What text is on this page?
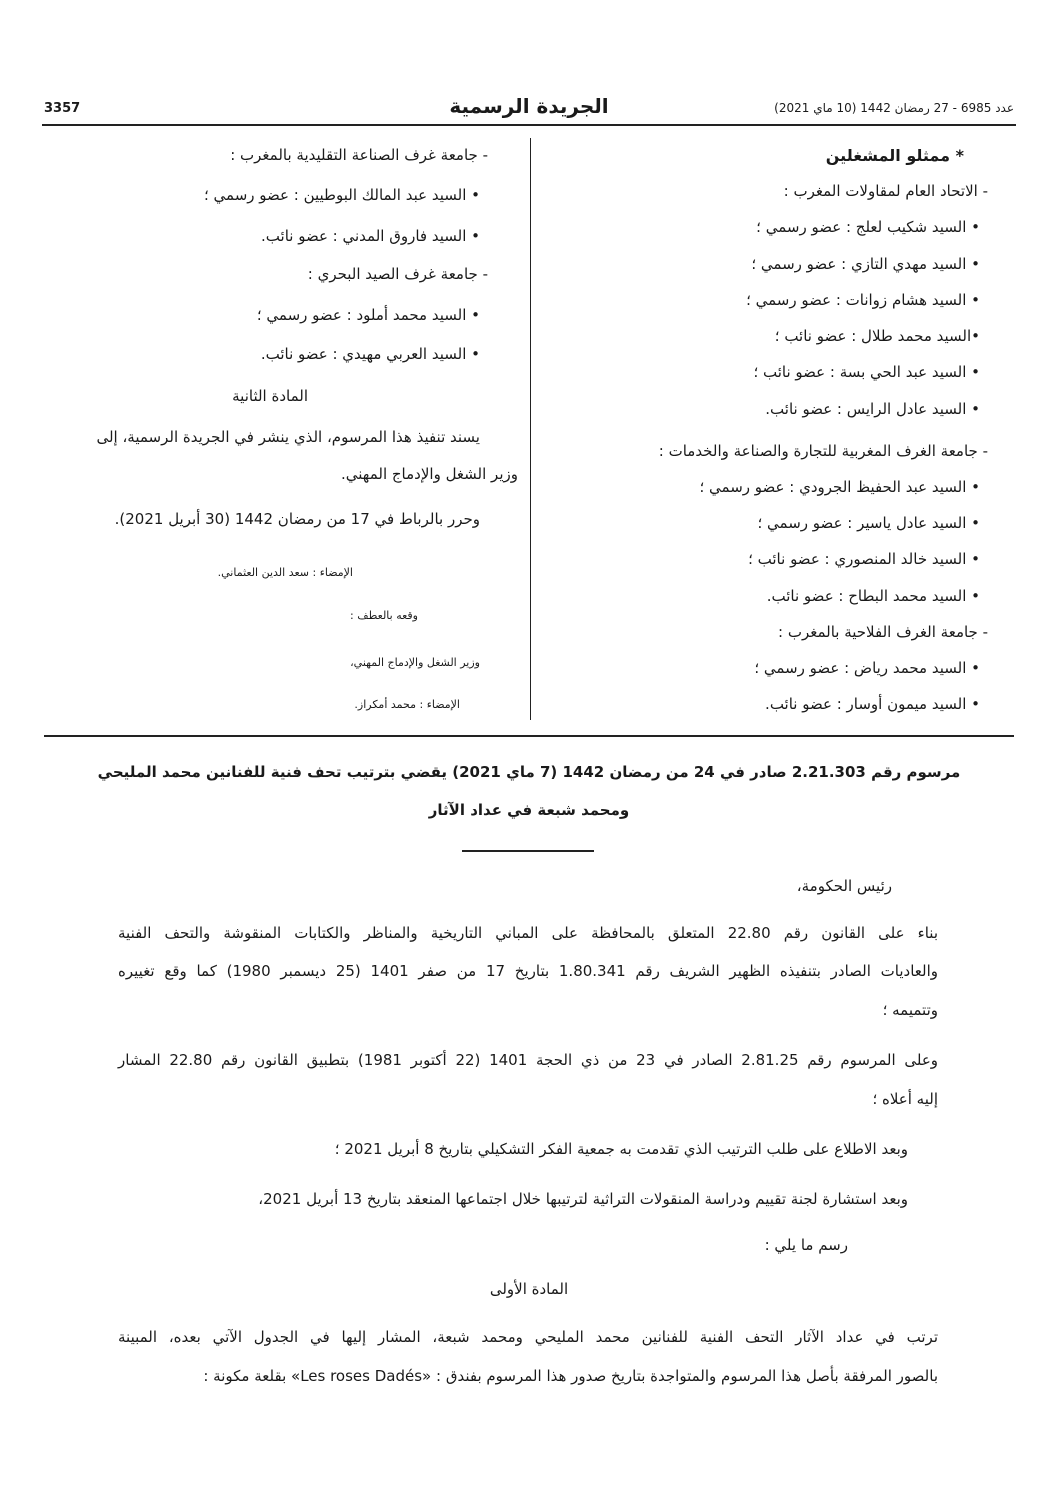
3357	الجريدة الرسمية	عدد 6985 - 27 رمضان 1442 (10 ماي 2021)
* ممثلو المشغلين
- الاتحاد العام لمقاولات المغرب :
• السيد شكيب لعلج : عضو رسمي ؛
• السيد مهدي التازي : عضو رسمي ؛
• السيد هشام زوانات : عضو رسمي ؛
•السيد محمد طلال : عضو نائب ؛
• السيد عبد الحي بسة : عضو نائب ؛
• السيد عادل الرايس : عضو نائب.
- جامعة الغرف المغربية للتجارة والصناعة والخدمات :
• السيد عبد الحفيظ الجرودي : عضو رسمي ؛
• السيد عادل ياسير : عضو رسمي ؛
• السيد خالد المنصوري : عضو نائب ؛
• السيد محمد البطاح : عضو نائب.
- جامعة الغرف الفلاحية بالمغرب :
• السيد محمد رياض : عضو رسمي ؛
• السيد ميمون أوسار : عضو نائب.
- جامعة غرف الصناعة التقليدية بالمغرب :
• السيد عبد المالك البوطيين : عضو رسمي ؛
• السيد فاروق المدني : عضو نائب.
- جامعة غرف الصيد البحري :
• السيد محمد أملود : عضو رسمي ؛
• السيد العربي مهيدي : عضو نائب.
المادة الثانية
يسند تنفيذ هذا المرسوم، الذي ينشر في الجريدة الرسمية، إلى
وزير الشغل والإدماج المهني.
وحرر بالرباط في 17 من رمضان 1442 (30 أبريل 2021).
الإمضاء : سعد الدين العثماني.
وقعه بالعطف :
وزير الشغل والإدماج المهني،
الإمضاء : محمد أمكراز.
مرسوم رقم 2.21.303 صادر في 24 من رمضان 1442 (7 ماي 2021) يقضي بترتيب تحف فنية للفنانين محمد المليحي
ومحمد شبعة في عداد الآثار
رئيس الحكومة،
بناء على القانون رقم 22.80 المتعلق بالمحافظة على المباني التاريخية والمناظر والكتابات المنقوشة والتحف الفنية
والعاديات الصادر بتنفيذه الظهير الشريف رقم 1.80.341 بتاريخ 17 من صفر 1401 (25 ديسمبر 1980) كما وقع تغييره
وتتميمه ؛
وعلى المرسوم رقم 2.81.25 الصادر في 23 من ذي الحجة 1401 (22 أكتوبر 1981) بتطبيق القانون رقم 22.80 المشار
إليه أعلاه ؛
وبعد الاطلاع على طلب الترتيب الذي تقدمت به جمعية الفكر التشكيلي بتاريخ 8 أبريل 2021 ؛
وبعد استشارة لجنة تقييم ودراسة المنقولات التراثية لترتيبها خلال اجتماعها المنعقد بتاريخ 13 أبريل 2021،
رسم ما يلي :
المادة الأولى
ترتب في عداد الآثار التحف الفنية للفنانين محمد المليحي ومحمد شبعة، المشار إليها في الجدول الآتي بعده، المبينة
بالصور المرفقة بأصل هذا المرسوم والمتواجدة بتاريخ صدور هذا المرسوم بفندق : «Les roses Dadés» بقلعة مكونة :
